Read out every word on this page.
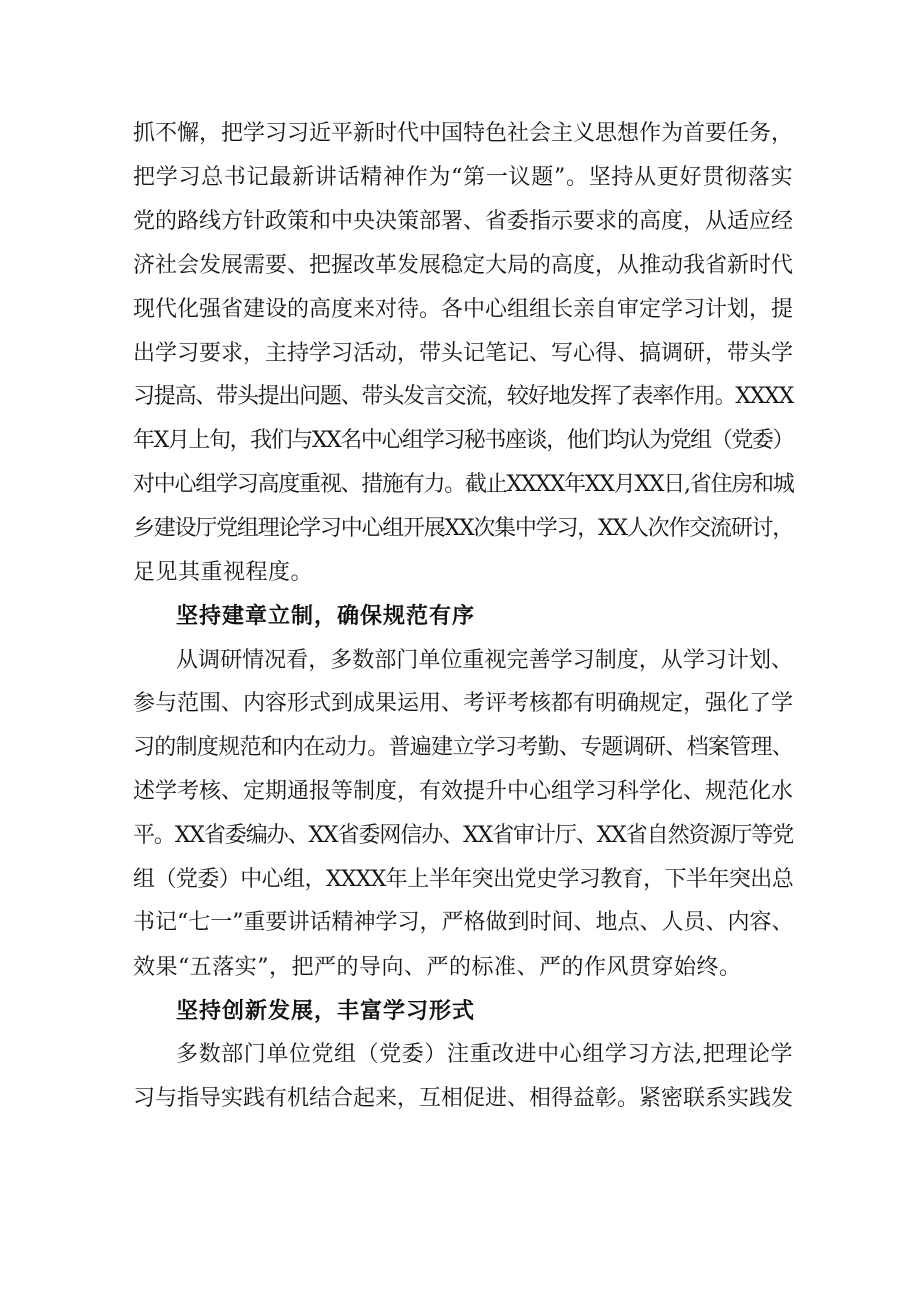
抓不懈，把学习习近平新时代中国特色社会主义思想作为首要任务，
把学习总书记最新讲话精神作为“第一议题”。坚持从更好贯彻落实
党的路线方针政策和中央决策部署、省委指示要求的高度，从适应经
济社会发展需要、把握改革发展稳定大局的高度，从推动我省新时代
现代化强省建设的高度来对待。各中心组组长亲自审定学习计划，提
出学习要求，主持学习活动，带头记笔记、写心得、搞调研，带头学
习提高、带头提出问题、带头发言交流，较好地发挥了表率作用。XXXX
年X月上旬，我们与XX名中心组学习秘书座谈，他们均认为党组（党委）
对中心组学习高度重视、措施有力。截止XXXX年XX月XX日,省住房和城
乡建设厅党组理论学习中心组开展XX次集中学习，XX人次作交流研讨，
足见其重视程度。
坚持建章立制，确保规范有序
从调研情况看，多数部门单位重视完善学习制度，从学习计划、
参与范围、内容形式到成果运用、考评考核都有明确规定，强化了学
习的制度规范和内在动力。普遍建立学习考勤、专题调研、档案管理、
述学考核、定期通报等制度，有效提升中心组学习科学化、规范化水
平。XX省委编办、XX省委网信办、XX省审计厅、XX省自然资源厅等党
组（党委）中心组，XXXX年上半年突出党史学习教育，下半年突出总
书记“七一”重要讲话精神学习，严格做到时间、地点、人员、内容、
效果“五落实”，把严的导向、严的标准、严的作风贯穿始终。
坚持创新发展，丰富学习形式
多数部门单位党组（党委）注重改进中心组学习方法,把理论学
习与指导实践有机结合起来，互相促进、相得益彰。紧密联系实践发
